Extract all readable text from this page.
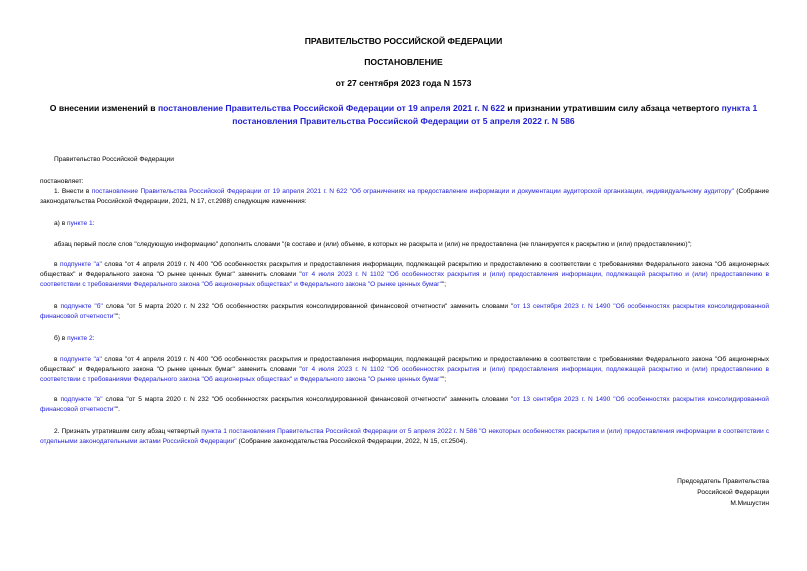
ПРАВИТЕЛЬСТВО РОССИЙСКОЙ ФЕДЕРАЦИИ
ПОСТАНОВЛЕНИЕ
от 27 сентября 2023 года N 1573
О внесении изменений в постановление Правительства Российской Федерации от 19 апреля 2021 г. N 622 и признании утратившим силу абзаца четвертого пункта 1 постановления Правительства Российской Федерации от 5 апреля 2022 г. N 586
Правительство Российской Федерации
постановляет:
1. Внести в постановление Правительства Российской Федерации от 19 апреля 2021 г. N 622 "Об ограничениях на предоставление информации и документации аудиторской организации, индивидуальному аудитору" (Собрание законодательства Российской Федерации, 2021, N 17, ст.2988) следующие изменения:
а) в пункте 1:
абзац первый после слов "следующую информацию" дополнить словами "(в составе и (или) объеме, в которых не раскрыта и (или) не предоставлена (не планируется к раскрытию и (или) предоставлению)";
в подпункте "а" слова "от 4 апреля 2019 г. N 400 "Об особенностях раскрытия и предоставления информации, подлежащей раскрытию и предоставлению в соответствии с требованиями Федерального закона "Об акционерных обществах" и Федерального закона "О рынке ценных бумаг" заменить словами "от 4 июля 2023 г. N 1102 "Об особенностях раскрытия и (или) предоставления информации, подлежащей раскрытию и (или) предоставлению в соответствии с требованиями Федерального закона "Об акционерных обществах" и Федерального закона "О рынке ценных бумаг"";
в подпункте "б" слова "от 5 марта 2020 г. N 232 "Об особенностях раскрытия консолидированной финансовой отчетности" заменить словами "от 13 сентября 2023 г. N 1490 "Об особенностях раскрытия консолидированной финансовой отчетности"";
б) в пункте 2:
в подпункте "а" слова "от 4 апреля 2019 г. N 400 "Об особенностях раскрытия и предоставления информации, подлежащей раскрытию и предоставлению в соответствии с требованиями Федерального закона "Об акционерных обществах" и Федерального закона "О рынке ценных бумаг" заменить словами "от 4 июля 2023 г. N 1102 "Об особенностях раскрытия и (или) предоставления информации, подлежащей раскрытию и (или) предоставлению в соответствии с требованиями Федерального закона "Об акционерных обществах" и Федерального закона "О рынке ценных бумаг"";
в подпункте "в" слова "от 5 марта 2020 г. N 232 "Об особенностях раскрытия консолидированной финансовой отчетности" заменить словами "от 13 сентября 2023 г. N 1490 "Об особенностях раскрытия консолидированной финансовой отчетности"".
2. Признать утратившим силу абзац четвертый пункта 1 постановления Правительства Российской Федерации от 5 апреля 2022 г. N 586 "О некоторых особенностях раскрытия и (или) предоставления информации в соответствии с отдельными законодательными актами Российской Федерации" (Собрание законодательства Российской Федерации, 2022, N 15, ст.2504).
Председатель Правительства
Российской Федерации
М.Мишустин
